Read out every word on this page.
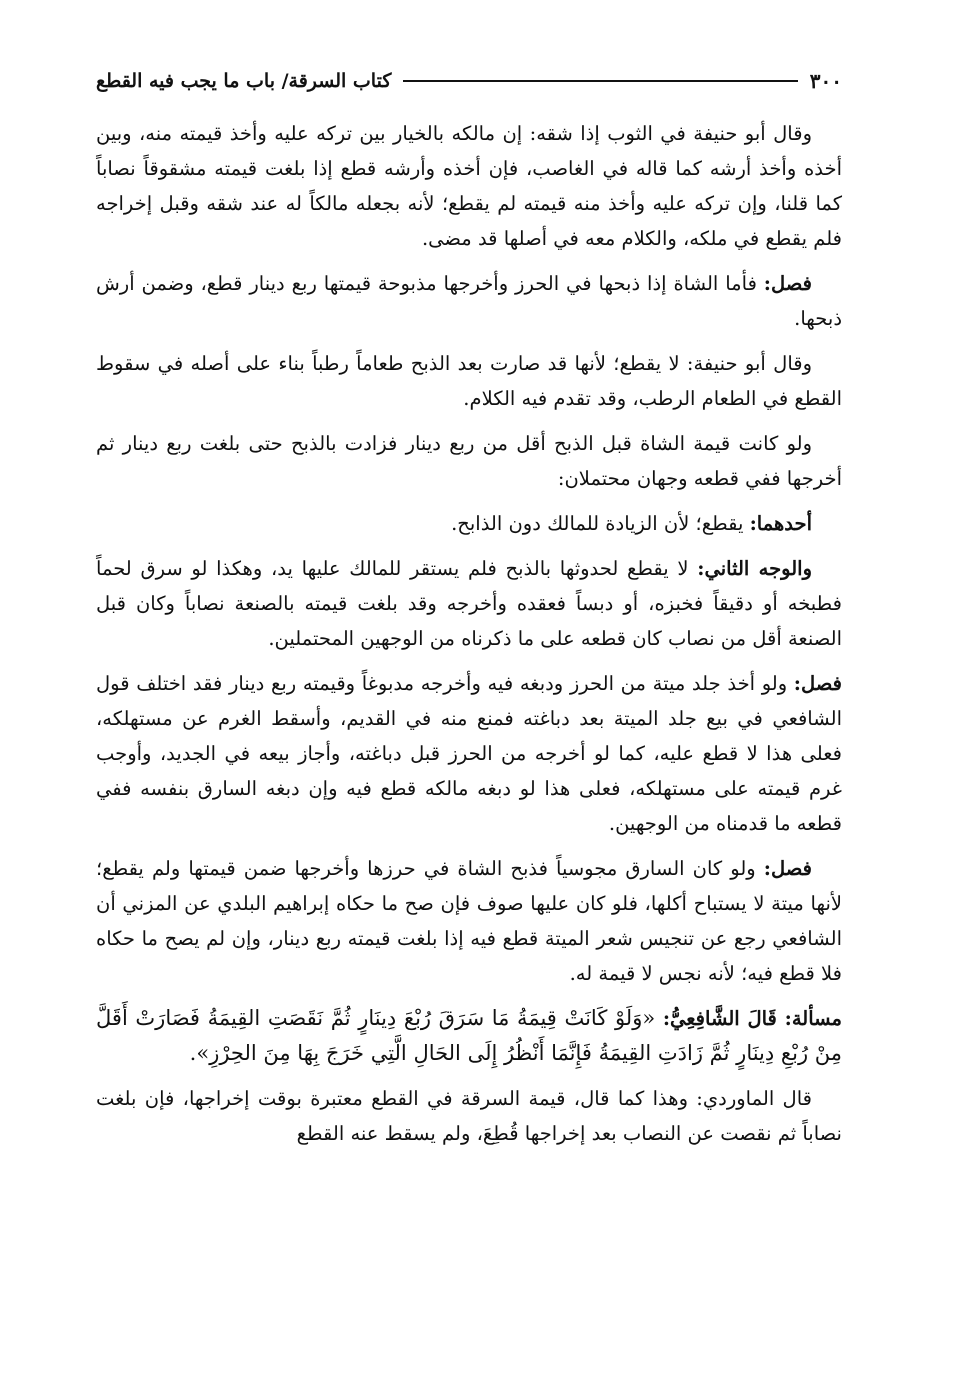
٣٠٠
كتاب السرقة/ باب ما يجب فيه القطع

وقال أبو حنيفة في الثوب إذا شقه: إن مالكه بالخيار بين تركه عليه وأخذ قيمته منه، وبين أخذه وأخذ أرشه كما قاله في الغاصب، فإن أخذه وأرشه قطع إذا بلغت قيمته مشقوقاً نصاباً كما قلنا، وإن تركه عليه وأخذ منه قيمته لم يقطع؛ لأنه بجعله مالكاً له عند شقه وقبل إخراجه فلم يقطع في ملكه، والكلام معه في أصلها قد مضى.

فصل: فأما الشاة إذا ذبحها في الحرز وأخرجها مذبوحة قيمتها ربع دينار قطع، وضمن أرش ذبحها.

وقال أبو حنيفة: لا يقطع؛ لأنها قد صارت بعد الذبح طعاماً رطباً بناء على أصله في سقوط القطع في الطعام الرطب، وقد تقدم فيه الكلام.

ولو كانت قيمة الشاة قبل الذبح أقل من ربع دينار فزادت بالذبح حتى بلغت ربع دينار ثم أخرجها ففي قطعه وجهان محتملان:

أحدهما: يقطع؛ لأن الزيادة للمالك دون الذابح.

والوجه الثاني: لا يقطع لحدوثها بالذبح فلم يستقر للمالك عليها يد، وهكذا لو سرق لحماً فطبخه أو دقيقاً فخبزه، أو دبساً فعقده وأخرجه وقد بلغت قيمته بالصنعة نصاباً وكان قبل الصنعة أقل من نصاب كان قطعه على ما ذكرناه من الوجهين المحتملين.

فصل: ولو أخذ جلد ميتة من الحرز ودبغه فيه وأخرجه مدبوغاً وقيمته ربع دينار فقد اختلف قول الشافعي في بيع جلد الميتة بعد دباغته فمنع منه في القديم، وأسقط الغرم عن مستهلكه، فعلى هذا لا قطع عليه، كما لو أخرجه من الحرز قبل دباغته، وأجاز بيعه في الجديد، وأوجب غرم قيمته على مستهلكه، فعلى هذا لو دبغه مالكه قطع فيه وإن دبغه السارق بنفسه ففي قطعه ما قدمناه من الوجهين.

فصل: ولو كان السارق مجوسياً فذبح الشاة في حرزها وأخرجها ضمن قيمتها ولم يقطع؛ لأنها ميتة لا يستباح أكلها، فلو كان عليها صوف فإن صح ما حكاه إبراهيم البلدي عن المزني أن الشافعي رجع عن تنجيس شعر الميتة قطع فيه إذا بلغت قيمته ربع دينار، وإن لم يصح ما حكاه فلا قطع فيه؛ لأنه نجس لا قيمة له.

مسألة: قَالَ الشَّافِعِيُّ: «وَلَوْ كَانَتْ قِيمَةُ مَا سَرَقَ رُبْعَ دِينَارٍ ثُمَّ نَقَصَتِ القِيمَةُ فَصَارَتْ أَقَلَّ مِنْ رُبْعِ دِينَارٍ ثُمَّ زَادَتِ القِيمَةُ فَإِنَّمَا أَنْظُرُ إِلَى الحَالِ الَّتِي خَرَجَ بِهَا مِنَ الحِرْزِ».

قال الماوردي: وهذا كما قال، قيمة السرقة في القطع معتبرة بوقت إخراجها، فإن بلغت نصاباً ثم نقصت عن النصاب بعد إخراجها قُطِعَ، ولم يسقط عنه القطع
